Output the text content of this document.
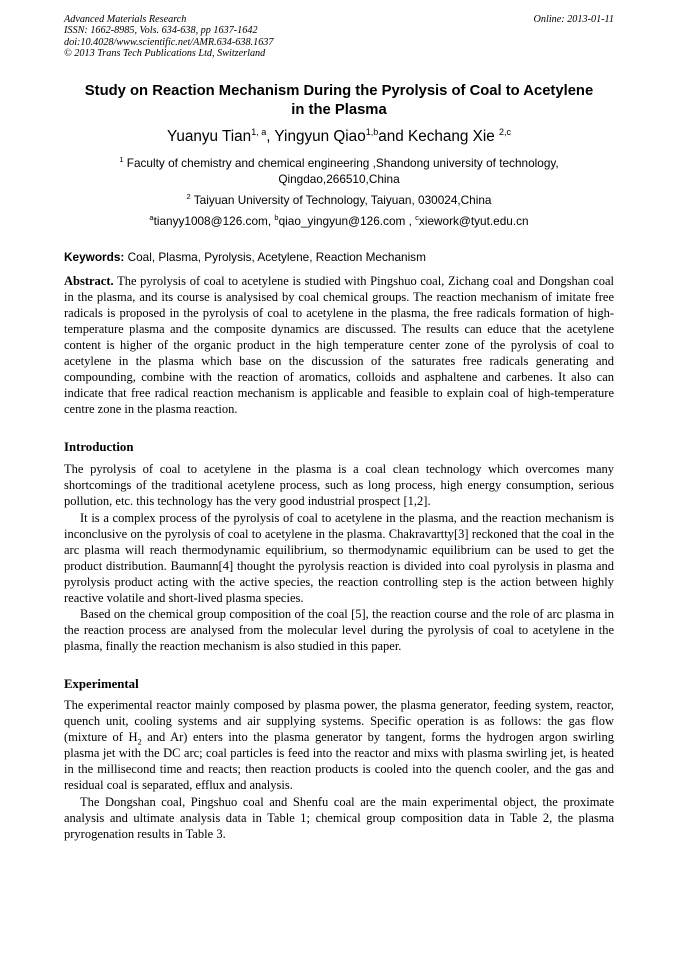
Advanced Materials Research
ISSN: 1662-8985, Vols. 634-638, pp 1637-1642
doi:10.4028/www.scientific.net/AMR.634-638.1637
© 2013 Trans Tech Publications Ltd, Switzerland
Online: 2013-01-11
Study on Reaction Mechanism During the Pyrolysis of Coal to Acetylene
in the Plasma
Yuanyu Tian$^{1, a}$, Yingyun Qiao$^{1,b}$and Kechang Xie $^{2,c}$
$^1$ Faculty of chemistry and chemical engineering ,Shandong university of technology,
Qingdao,266510,China
$^2$ Taiyuan University of Technology, Taiyuan, 030024,China
$^a$tianyy1008@126.com, $^b$qiao_yingyun@126.com , $^c$xiework@tyut.edu.cn
Keywords: Coal, Plasma, Pyrolysis, Acetylene, Reaction Mechanism
Abstract. The pyrolysis of coal to acetylene is studied with Pingshuo coal, Zichang coal and Dongshan coal in the plasma, and its course is analysised by coal chemical groups. The reaction mechanism of imitate free radicals is proposed in the pyrolysis of coal to acetylene in the plasma, the free radicals formation of high-temperature plasma and the composite dynamics are discussed. The results can educe that the acetylene content is higher of the organic product in the high temperature center zone of the pyrolysis of coal to acetylene in the plasma which base on the discussion of the saturates free radicals generating and compounding, combine with the reaction of aromatics, colloids and asphaltene and carbenes. It also can indicate that free radical reaction mechanism is applicable and feasible to explain coal of high-temperature centre zone in the plasma reaction.
Introduction
The pyrolysis of coal to acetylene in the plasma is a coal clean technology which overcomes many shortcomings of the traditional acetylene process, such as long process, high energy consumption, serious pollution, etc. this technology has the very good industrial prospect [1,2].
It is a complex process of the pyrolysis of coal to acetylene in the plasma, and the reaction mechanism is inconclusive on the pyrolysis of coal to acetylene in the plasma. Chakravartty[3] reckoned that the coal in the arc plasma will reach thermodynamic equilibrium, so thermodynamic equilibrium can be used to get the product distribution. Baumann[4] thought the pyrolysis reaction is divided into coal pyrolysis in plasma and pyrolysis product acting with the active species, the reaction controlling step is the action between highly reactive volatile and short-lived plasma species.
Based on the chemical group composition of the coal [5], the reaction course and the role of arc plasma in the reaction process are analysed from the molecular level during the pyrolysis of coal to acetylene in the plasma, finally the reaction mechanism is also studied in this paper.
Experimental
The experimental reactor mainly composed by plasma power, the plasma generator, feeding system, reactor, quench unit, cooling systems and air supplying systems. Specific operation is as follows: the gas flow (mixture of $H_2$ and Ar) enters into the plasma generator by tangent, forms the hydrogen argon swirling plasma jet with the DC arc; coal particles is feed into the reactor and mixs with plasma swirling jet, is heated in the millisecond time and reacts; then reaction products is cooled into the quench cooler, and the gas and residual coal is separated, efflux and analysis.
The Dongshan coal, Pingshuo coal and Shenfu coal are the main experimental object, the proximate analysis and ultimate analysis data in Table 1; chemical group composition data in Table 2, the plasma pryrogenation results in Table 3.
